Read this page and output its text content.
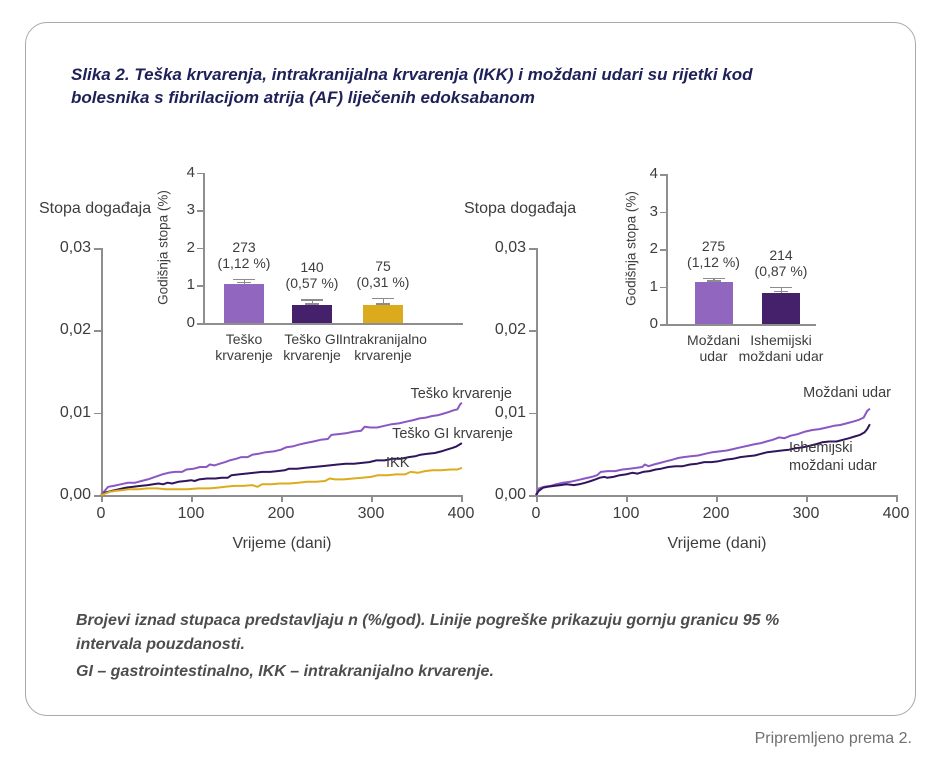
Slika 2. Teška krvarenja, intrakranijalna krvarenja (IKK) i moždani udari su rijetki kod
bolesnika s fibrilacijom atrija (AF) liječenih edoksabanom
Stopa događaja
0,00
0,01
0,02
0,03
0	100	200	300	400
Vrijeme (dani)
Teško krvarenje
Teško GI krvarenje
IKK
Godišnja stopa (%)
0
1
2
3
4
273
(1,12 %)
Teško
krvarenje
140
(0,57 %)
Teško GI
krvarenje
75
(0,31 %)
Intrakranijalno
krvarenje
Stopa događaja
0,00
0,01
0,02
0,03
0	100	200	300	400
Vrijeme (dani)
Moždani udar
Ishemijski
moždani udar
Godišnja stopa (%)
0
1
2
3
4
275
(1,12 %)
Moždani
udar
214
(0,87 %)
Ishemijski
moždani udar
Brojevi iznad stupaca predstavljaju n (%/god). Linije pogreške prikazuju gornju granicu 95 %
intervala pouzdanosti.
GI – gastrointestinalno, IKK – intrakranijalno krvarenje.
Pripremljeno prema 2.
